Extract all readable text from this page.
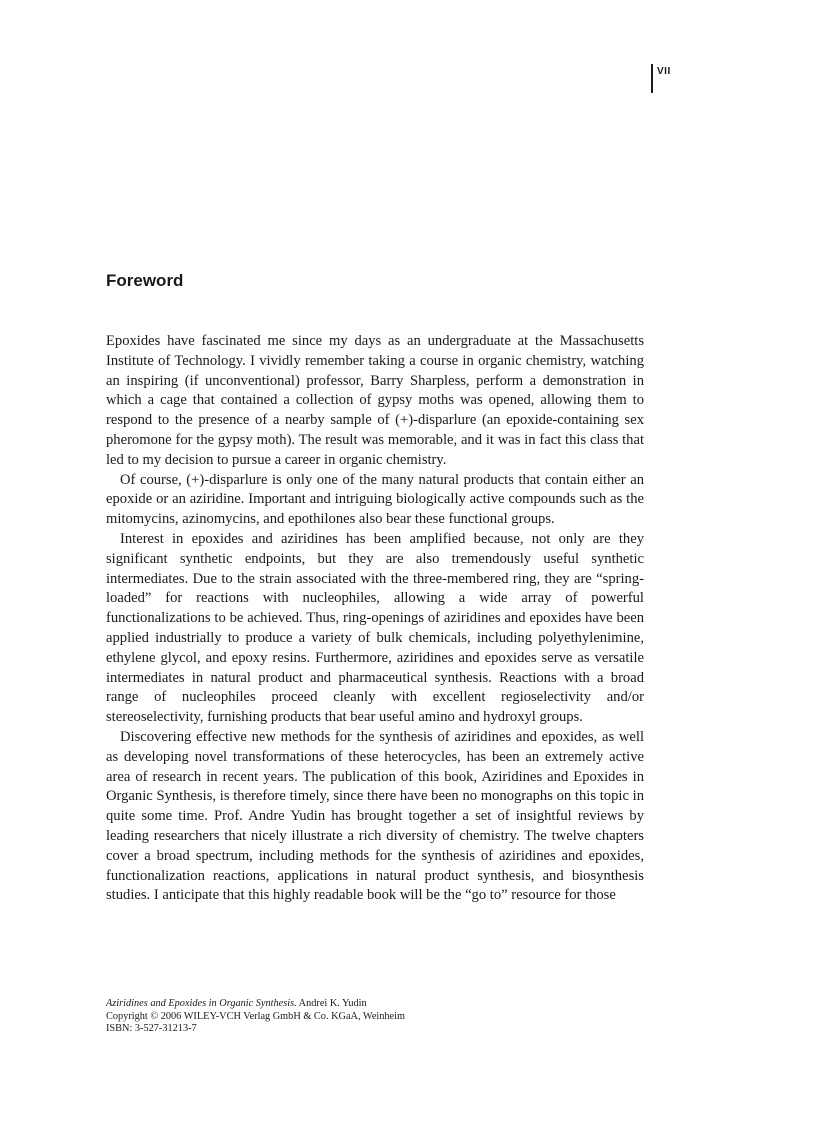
VII
Foreword

Epoxides have fascinated me since my days as an undergraduate at the Massachusetts Institute of Technology. I vividly remember taking a course in organic chemistry, watching an inspiring (if unconventional) professor, Barry Sharpless, perform a demonstration in which a cage that contained a collection of gypsy moths was opened, allowing them to respond to the presence of a nearby sample of (+)-disparlure (an epoxide-containing sex pheromone for the gypsy moth). The result was memorable, and it was in fact this class that led to my decision to pursue a career in organic chemistry.

Of course, (+)-disparlure is only one of the many natural products that contain either an epoxide or an aziridine. Important and intriguing biologically active compounds such as the mitomycins, azinomycins, and epothilones also bear these functional groups.

Interest in epoxides and aziridines has been amplified because, not only are they significant synthetic endpoints, but they are also tremendously useful synthetic intermediates. Due to the strain associated with the three-membered ring, they are “spring-loaded” for reactions with nucleophiles, allowing a wide array of powerful functionalizations to be achieved. Thus, ring-openings of aziridines and epoxides have been applied industrially to produce a variety of bulk chemicals, including polyethylenimine, ethylene glycol, and epoxy resins. Furthermore, aziridines and epoxides serve as versatile intermediates in natural product and pharmaceutical synthesis. Reactions with a broad range of nucleophiles proceed cleanly with excellent regioselectivity and/or stereoselectivity, furnishing products that bear useful amino and hydroxyl groups.

Discovering effective new methods for the synthesis of aziridines and epoxides, as well as developing novel transformations of these heterocycles, has been an extremely active area of research in recent years. The publication of this book, Aziridines and Epoxides in Organic Synthesis, is therefore timely, since there have been no monographs on this topic in quite some time. Prof. Andre Yudin has brought together a set of insightful reviews by leading researchers that nicely illustrate a rich diversity of chemistry. The twelve chapters cover a broad spectrum, including methods for the synthesis of aziridines and epoxides, functionalization reactions, applications in natural product synthesis, and biosynthesis studies. I anticipate that this highly readable book will be the “go to” resource for those

Aziridines and Epoxides in Organic Synthesis. Andrei K. Yudin
Copyright © 2006 WILEY-VCH Verlag GmbH & Co. KGaA, Weinheim
ISBN: 3-527-31213-7
